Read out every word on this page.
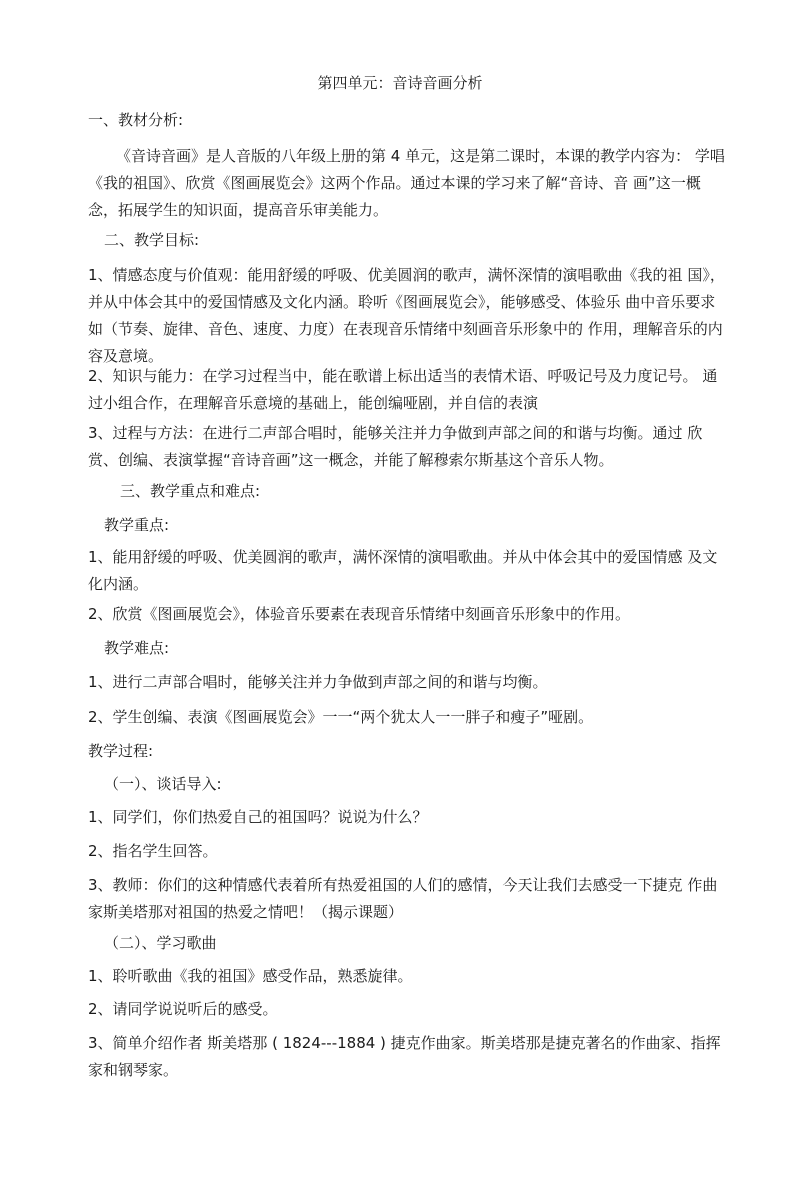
第四单元：音诗音画分析

一、教材分析:

《音诗音画》是人音版的八年级上册的第 4 单元，这是第二课时，本课的教学内容为： 学唱《我的祖国》、欣赏《图画展览会》这两个作品。通过本课的学习来了解“音诗、音 画”这一概念，拓展学生的知识面，提高音乐审美能力。

二、教学目标:

1、情感态度与价值观：能用舒缓的呼吸、优美圆润的歌声，满怀深情的演唱歌曲《我的祖 国》，并从中体会其中的爱国情感及文化内涵。聆听《图画展览会》，能够感受、体验乐 曲中音乐要求如（节奏、旋律、音色、速度、力度）在表现音乐情绪中刻画音乐形象中的 作用，理解音乐的内容及意境。

2、知识与能力：在学习过程当中，能在歌谱上标出适当的表情术语、呼吸记号及力度记号。 通过小组合作，在理解音乐意境的基础上，能创编哑剧，并自信的表演

3、过程与方法：在进行二声部合唱时，能够关注并力争做到声部之间的和谐与均衡。通过 欣赏、创编、表演掌握“音诗音画”这一概念，并能了解穆索尔斯基这个音乐人物。

三、教学重点和难点:

教学重点:

1、能用舒缓的呼吸、优美圆润的歌声，满怀深情的演唱歌曲。并从中体会其中的爱国情感 及文化内涵。

2、欣赏《图画展览会》，体验音乐要素在表现音乐情绪中刻画音乐形象中的作用。

教学难点:

1、进行二声部合唱时，能够关注并力争做到声部之间的和谐与均衡。

2、学生创编、表演《图画展览会》一一“两个犹太人一一胖子和瘦子”哑剧。

教学过程:

（一）、谈话导入:

1、同学们，你们热爱自己的祖国吗？说说为什么？

2、指名学生回答。

3、教师：你们的这种情感代表着所有热爱祖国的人们的感情，今天让我们去感受一下捷克 作曲家斯美塔那对祖国的热爱之情吧！（揭示课题）

（二）、学习歌曲

1、聆听歌曲《我的祖国》感受作品，熟悉旋律。

2、请同学说说听后的感受。

3、简单介绍作者 斯美塔那 ( 1824---1884 ) 捷克作曲家。斯美塔那是捷克著名的作曲家、指挥家和钢琴家。
